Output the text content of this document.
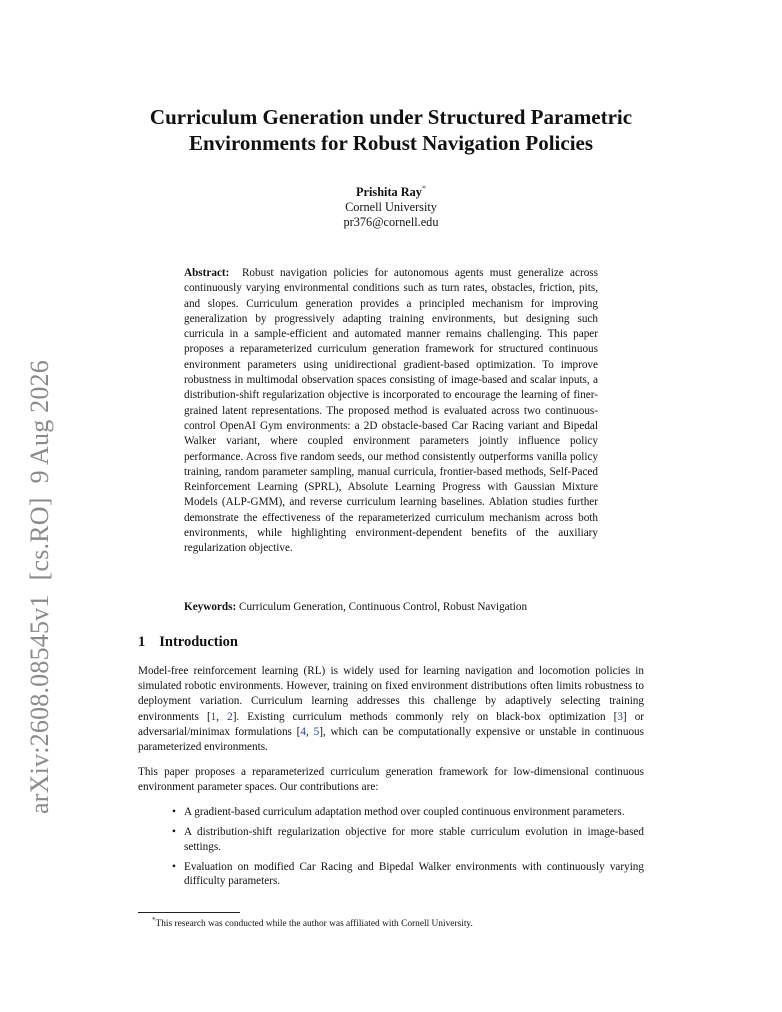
arXiv:2608.08545v1[cs.RO]9 Aug 2026
Curriculum Generation under Structured Parametric
Environments for Robust Navigation Policies
Prishita Ray*
Cornell University
pr376@cornell.edu
Abstract: Robust navigation policies for autonomous agents must generalize across continuously varying environmental conditions such as turn rates, obstacles, friction, pits, and slopes. Curriculum generation provides a principled mechanism for improving generalization by progressively adapting training environments, but designing such curricula in a sample-efficient and automated manner remains challenging. This paper proposes a reparameterized curriculum generation framework for structured continuous environment parameters using unidirectional gradient-based optimization. To improve robustness in multimodal observation spaces consisting of image-based and scalar inputs, a distribution-shift regularization objective is incorporated to encourage the learning of finer-grained latent representations. The proposed method is evaluated across two continuous-control OpenAI Gym environments: a 2D obstacle-based Car Racing variant and Bipedal Walker variant, where coupled environment parameters jointly influence policy performance. Across five random seeds, our method consistently outperforms vanilla policy training, random parameter sampling, manual curricula, frontier-based methods, Self-Paced Reinforcement Learning (SPRL), Absolute Learning Progress with Gaussian Mixture Models (ALP-GMM), and reverse curriculum learning baselines. Ablation studies further demonstrate the effectiveness of the reparameterized curriculum mechanism across both environments, while highlighting environment-dependent benefits of the auxiliary regularization objective.
Keywords: Curriculum Generation, Continuous Control, Robust Navigation
1 Introduction
Model-free reinforcement learning (RL) is widely used for learning navigation and locomotion policies in simulated robotic environments. However, training on fixed environment distributions often limits robustness to deployment variation. Curriculum learning addresses this challenge by adaptively selecting training environments [1, 2]. Existing curriculum methods commonly rely on black-box optimization [3] or adversarial/minimax formulations [4, 5], which can be computationally expensive or unstable in continuous parameterized environments.
This paper proposes a reparameterized curriculum generation framework for low-dimensional continuous environment parameter spaces. Our contributions are:
• A gradient-based curriculum adaptation method over coupled continuous environment parameters.
• A distribution-shift regularization objective for more stable curriculum evolution in image-based settings.
• Evaluation on modified Car Racing and Bipedal Walker environments with continuously varying difficulty parameters.
*This research was conducted while the author was affiliated with Cornell University.
